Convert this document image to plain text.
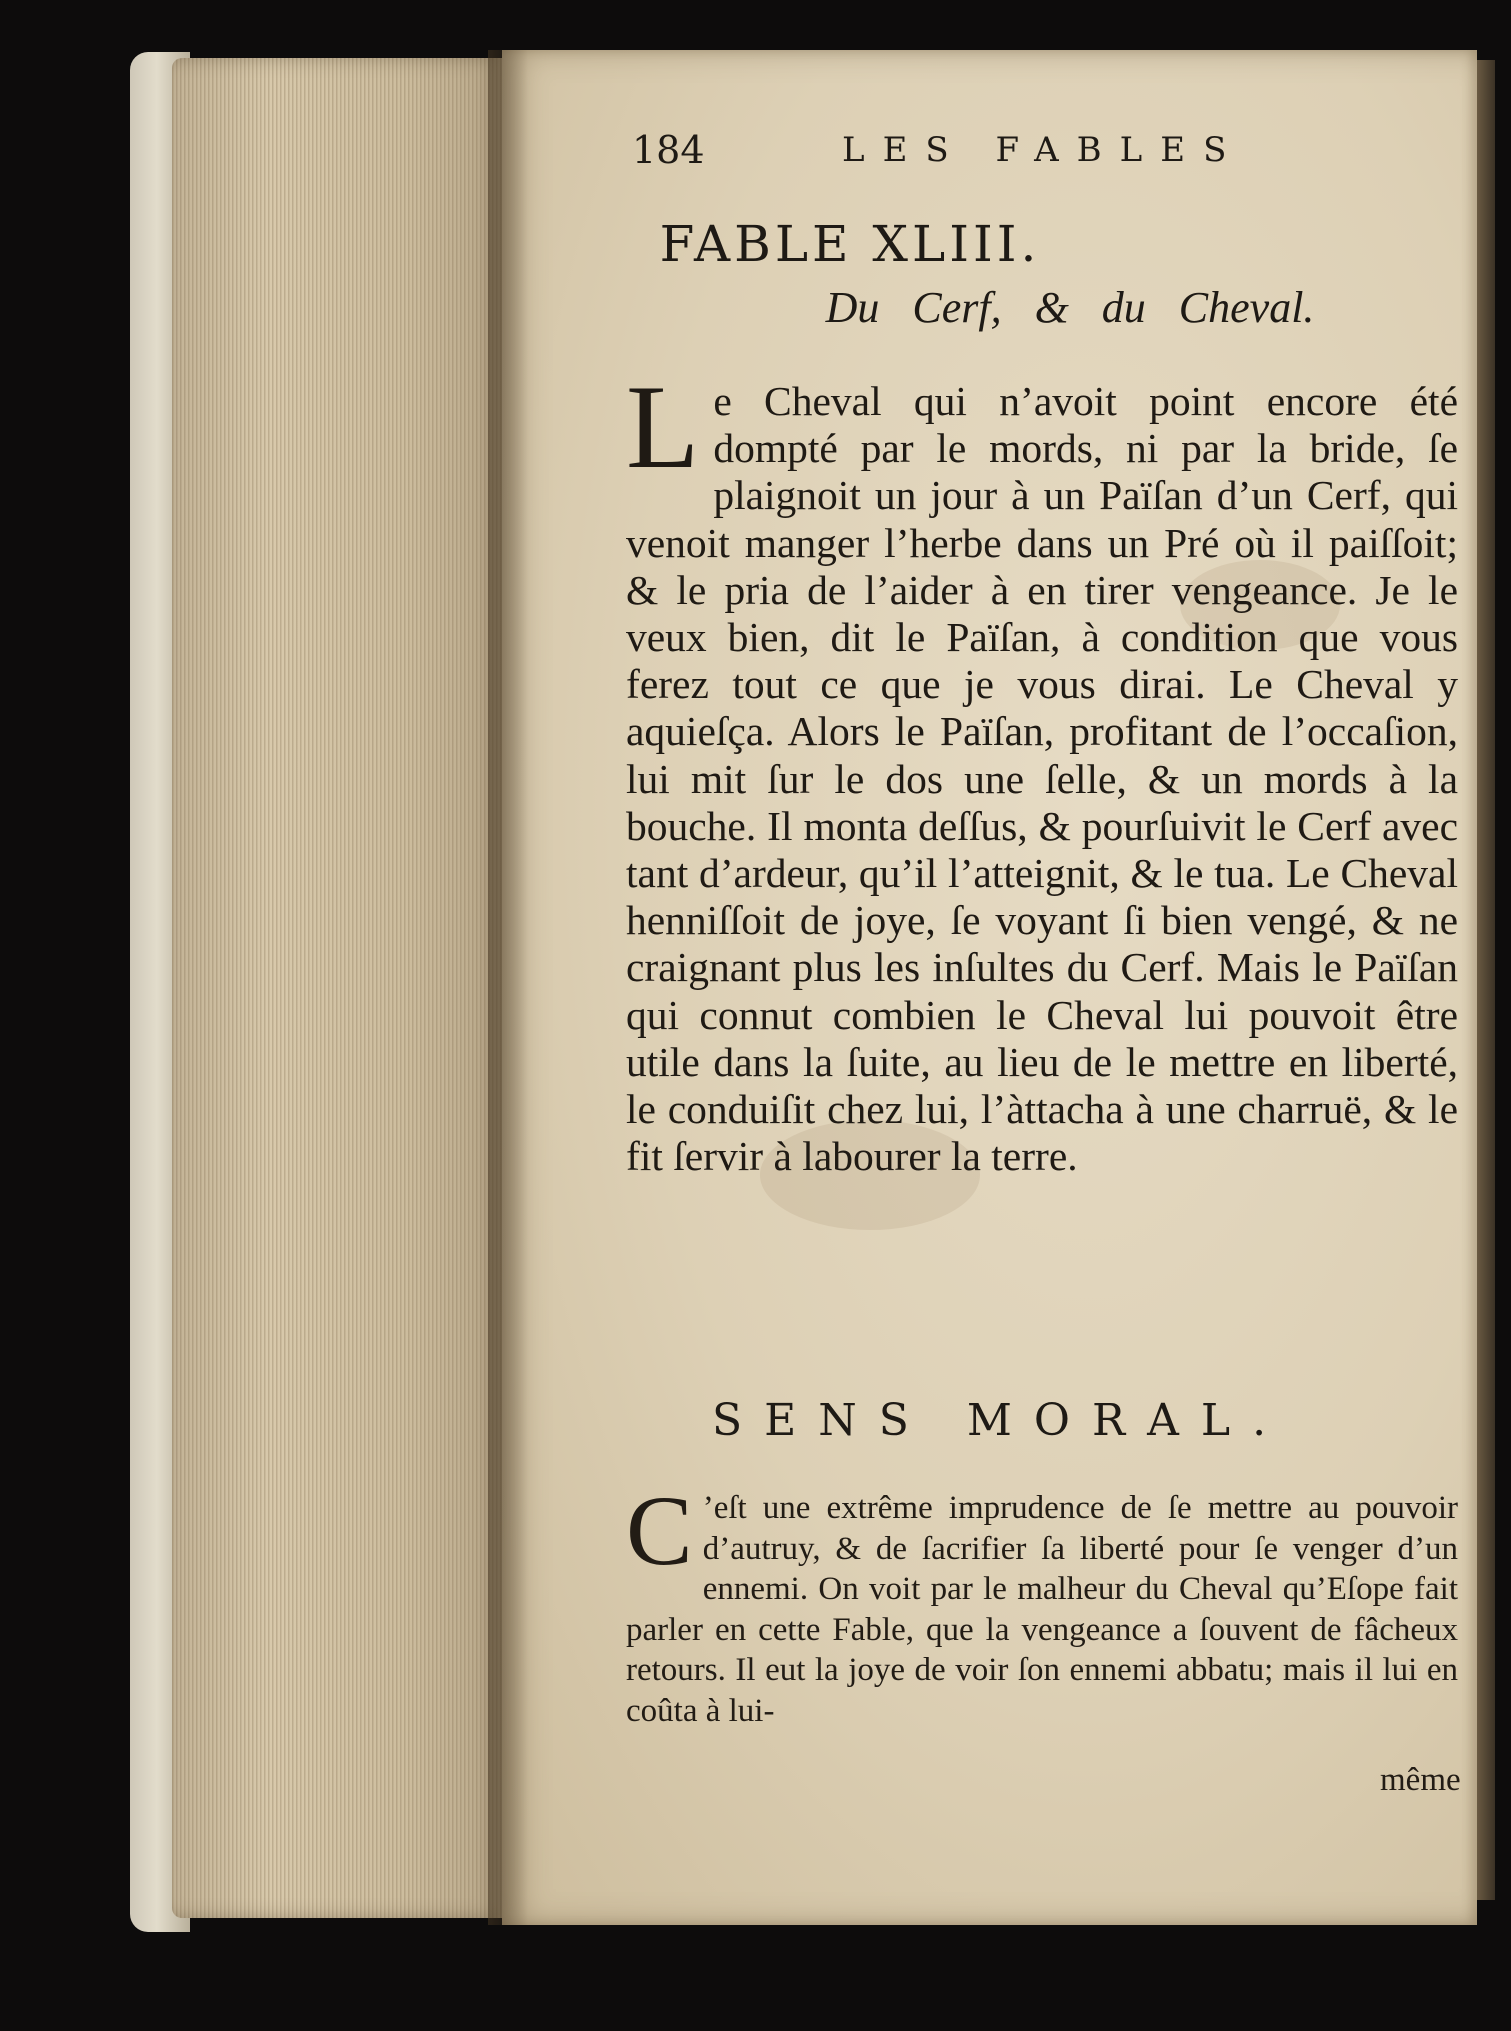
184	LES FABLES
FABLE XLIII.
Du Cerf, & du Cheval.

Le Cheval qui n’avoit point encore été dompté par le mords, ni par la bride, ſe plaignoit un jour à un Païſan d’un Cerf, qui venoit manger l’herbe dans un Pré où il paiſſoit; & le pria de l’aider à en tirer vengeance. Je le veux bien, dit le Païſan, à condition que vous ferez tout ce que je vous dirai. Le Cheval y aquieſça. Alors le Païſan, profitant de l’occaſion, lui mit ſur le dos une ſelle, & un mords à la bouche. Il monta deſſus, & pourſuivit le Cerf avec tant d’ardeur, qu’il l’atteignit, & le tua. Le Cheval henniſſoit de joye, ſe voyant ſi bien vengé, & ne craignant plus les inſultes du Cerf. Mais le Païſan qui connut combien le Cheval lui pouvoit être utile dans la ſuite, au lieu de le mettre en liberté, le conduiſit chez lui, l’àttacha à une charruë, & le fit ſervir à labourer la terre.

SENS MORAL.

C ’eſt une extrême imprudence de ſe mettre au pouvoir d’autruy, & de ſacrifier ſa liberté pour ſe venger d’un ennemi. On voit par le malheur du Cheval qu’Eſope fait parler en cette Fable, que la vengeance a ſouvent de fâcheux retours. Il eut la joye de voir ſon ennemi abbatu; mais il lui en coûta à lui-

même
